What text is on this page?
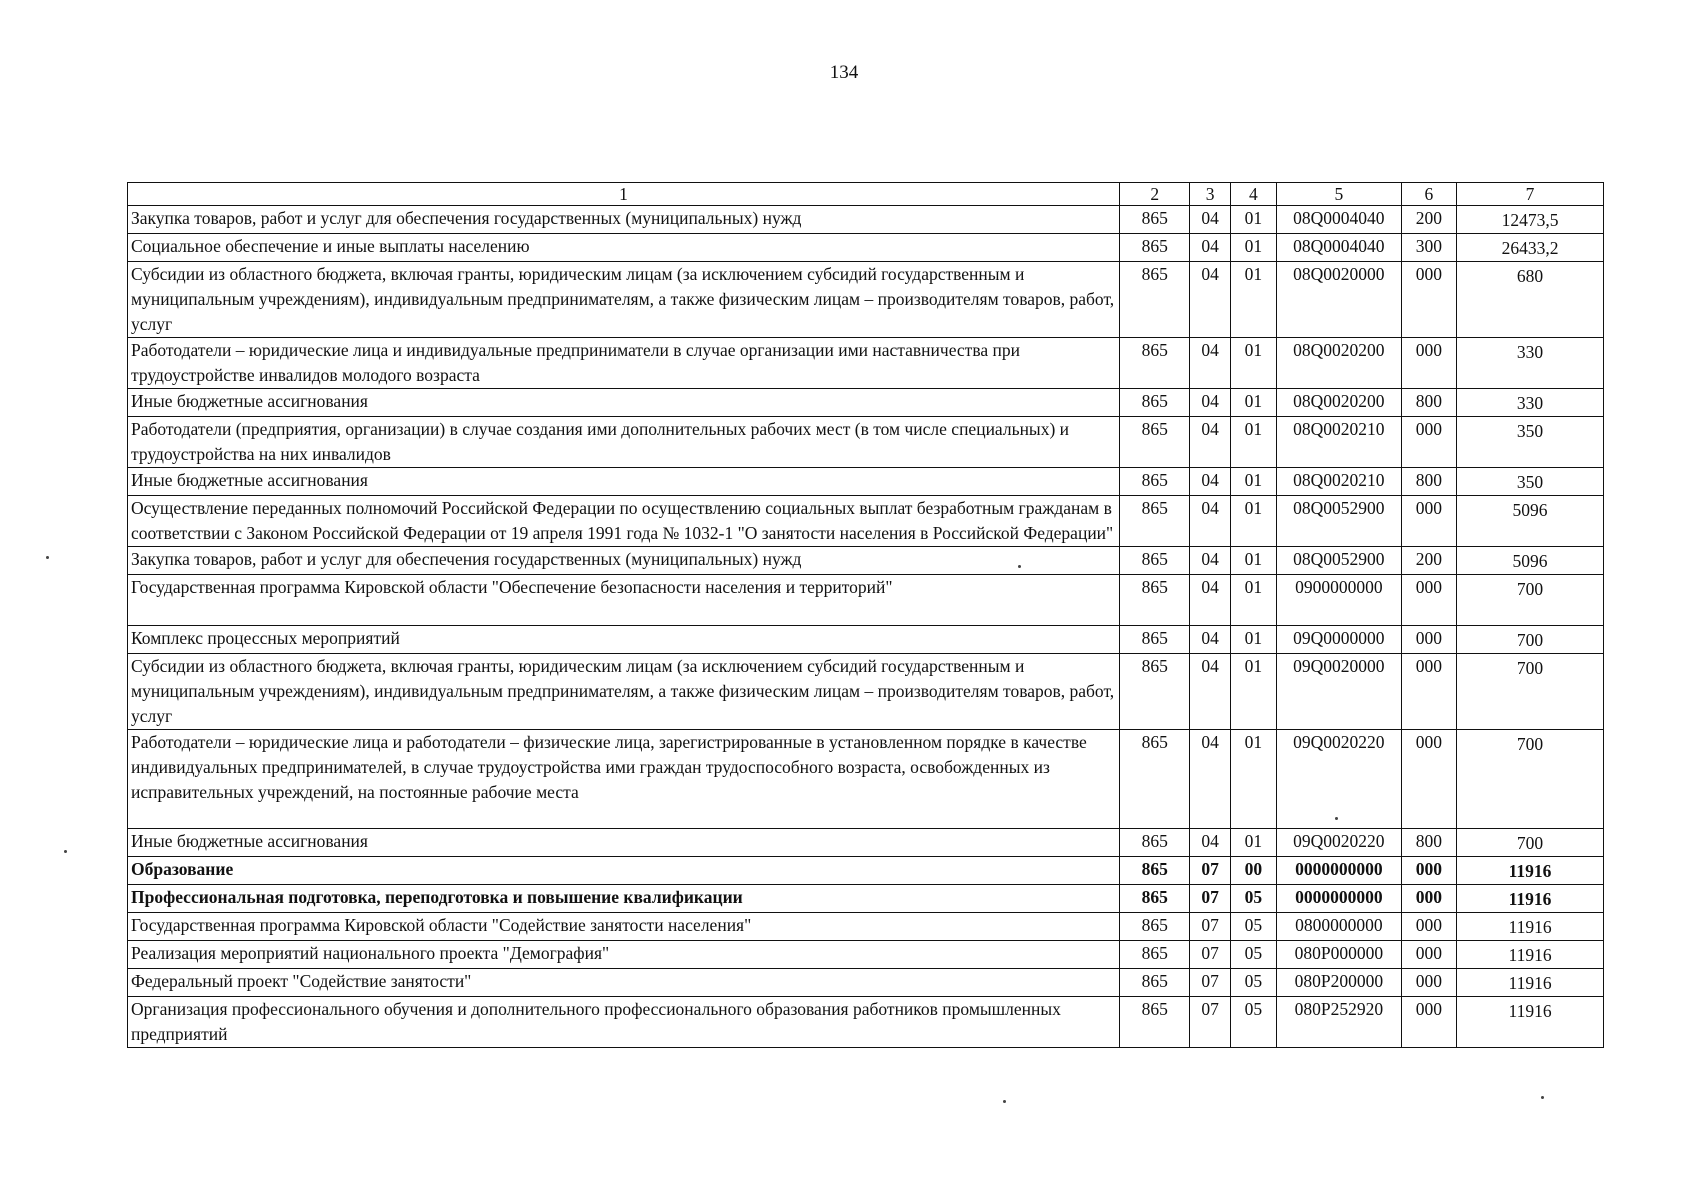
134
1	2	3	4	5	6	7
Закупка товаров, работ и услуг для обеспечения государственных (муниципальных) нужд	865	04	01	08Q0004040	200	12473,5
Социальное обеспечение и иные выплаты населению	865	04	01	08Q0004040	300	26433,2
Субсидии из областного бюджета, включая гранты, юридическим лицам (за исключением субсидий государственным и муниципальным учреждениям), индивидуальным предпринимателям, а также физическим лицам – производителям товаров, работ, услуг	865	04	01	08Q0020000	000	680
Работодатели – юридические лица и индивидуальные предприниматели в случае организации ими наставничества при трудоустройстве инвалидов молодого возраста	865	04	01	08Q0020200	000	330
Иные бюджетные ассигнования	865	04	01	08Q0020200	800	330
Работодатели (предприятия, организации) в случае создания ими дополнительных рабочих мест (в том числе специальных) и трудоустройства на них инвалидов	865	04	01	08Q0020210	000	350
Иные бюджетные ассигнования	865	04	01	08Q0020210	800	350
Осуществление переданных полномочий Российской Федерации по осуществлению социальных выплат безработным гражданам в соответствии с Законом Российской Федерации от 19 апреля 1991 года № 1032-1 "О занятости населения в Российской Федерации"	865	04	01	08Q0052900	000	5096
Закупка товаров, работ и услуг для обеспечения государственных (муниципальных) нужд	865	04	01	08Q0052900	200	5096
Государственная программа Кировской области "Обеспечение безопасности населения и территорий"	865	04	01	0900000000	000	700
Комплекс процессных мероприятий	865	04	01	09Q0000000	000	700
Субсидии из областного бюджета, включая гранты, юридическим лицам (за исключением субсидий государственным и муниципальным учреждениям), индивидуальным предпринимателям, а также физическим лицам – производителям товаров, работ, услуг	865	04	01	09Q0020000	000	700
Работодатели – юридические лица и работодатели – физические лица, зарегистрированные в установленном порядке в качестве индивидуальных предпринимателей, в случае трудоустройства ими граждан трудоспособного возраста, освобожденных из исправительных учреждений, на постоянные рабочие места	865	04	01	09Q0020220	000	700
Иные бюджетные ассигнования	865	04	01	09Q0020220	800	700
Образование	865	07	00	0000000000	000	11916
Профессиональная подготовка, переподготовка и повышение квалификации	865	07	05	0000000000	000	11916
Государственная программа Кировской области "Содействие занятости населения"	865	07	05	0800000000	000	11916
Реализация мероприятий национального проекта "Демография"	865	07	05	080P000000	000	11916
Федеральный проект "Содействие занятости"	865	07	05	080P200000	000	11916
Организация профессионального обучения и дополнительного профессионального образования работников промышленных предприятий	865	07	05	080P252920	000	11916
